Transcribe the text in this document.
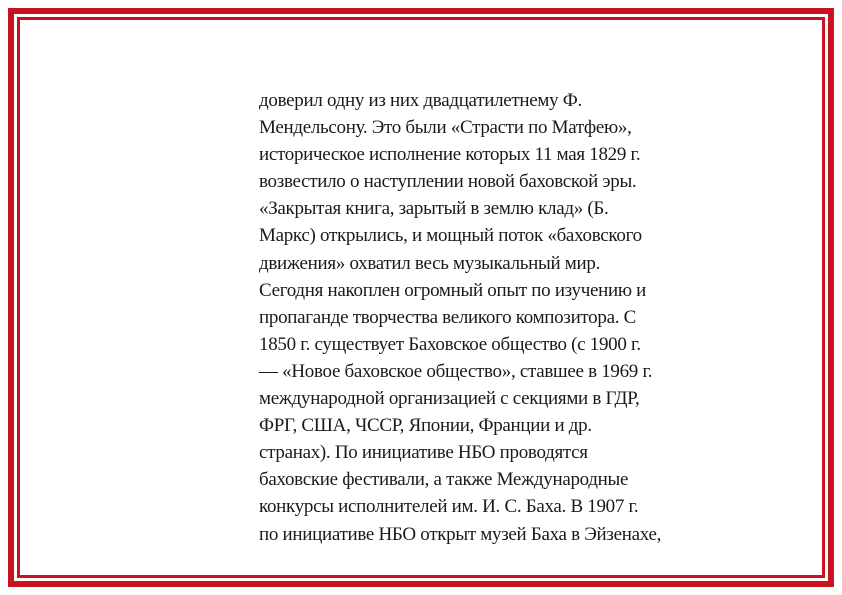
доверил одну из них двадцатилетнему Ф.
Мендельсону. Это были «Страсти по Матфею»,
историческое исполнение которых 11 мая 1829 г.
возвестило о наступлении новой баховской эры.
«Закрытая книга, зарытый в землю клад» (Б.
Маркс) открылись, и мощный поток «баховского
движения» охватил весь музыкальный мир.
Сегодня накоплен огромный опыт по изучению и
пропаганде творчества великого композитора. С
1850 г. существует Баховское общество (с 1900 г.
— «Новое баховское общество», ставшее в 1969 г.
международной организацией с секциями в ГДР,
ФРГ, США, ЧССР, Японии, Франции и др.
странах). По инициативе НБО проводятся
баховские фестивали, а также Международные
конкурсы исполнителей им. И. С. Баха. В 1907 г.
по инициативе НБО открыт музей Баха в Эйзенахе,
